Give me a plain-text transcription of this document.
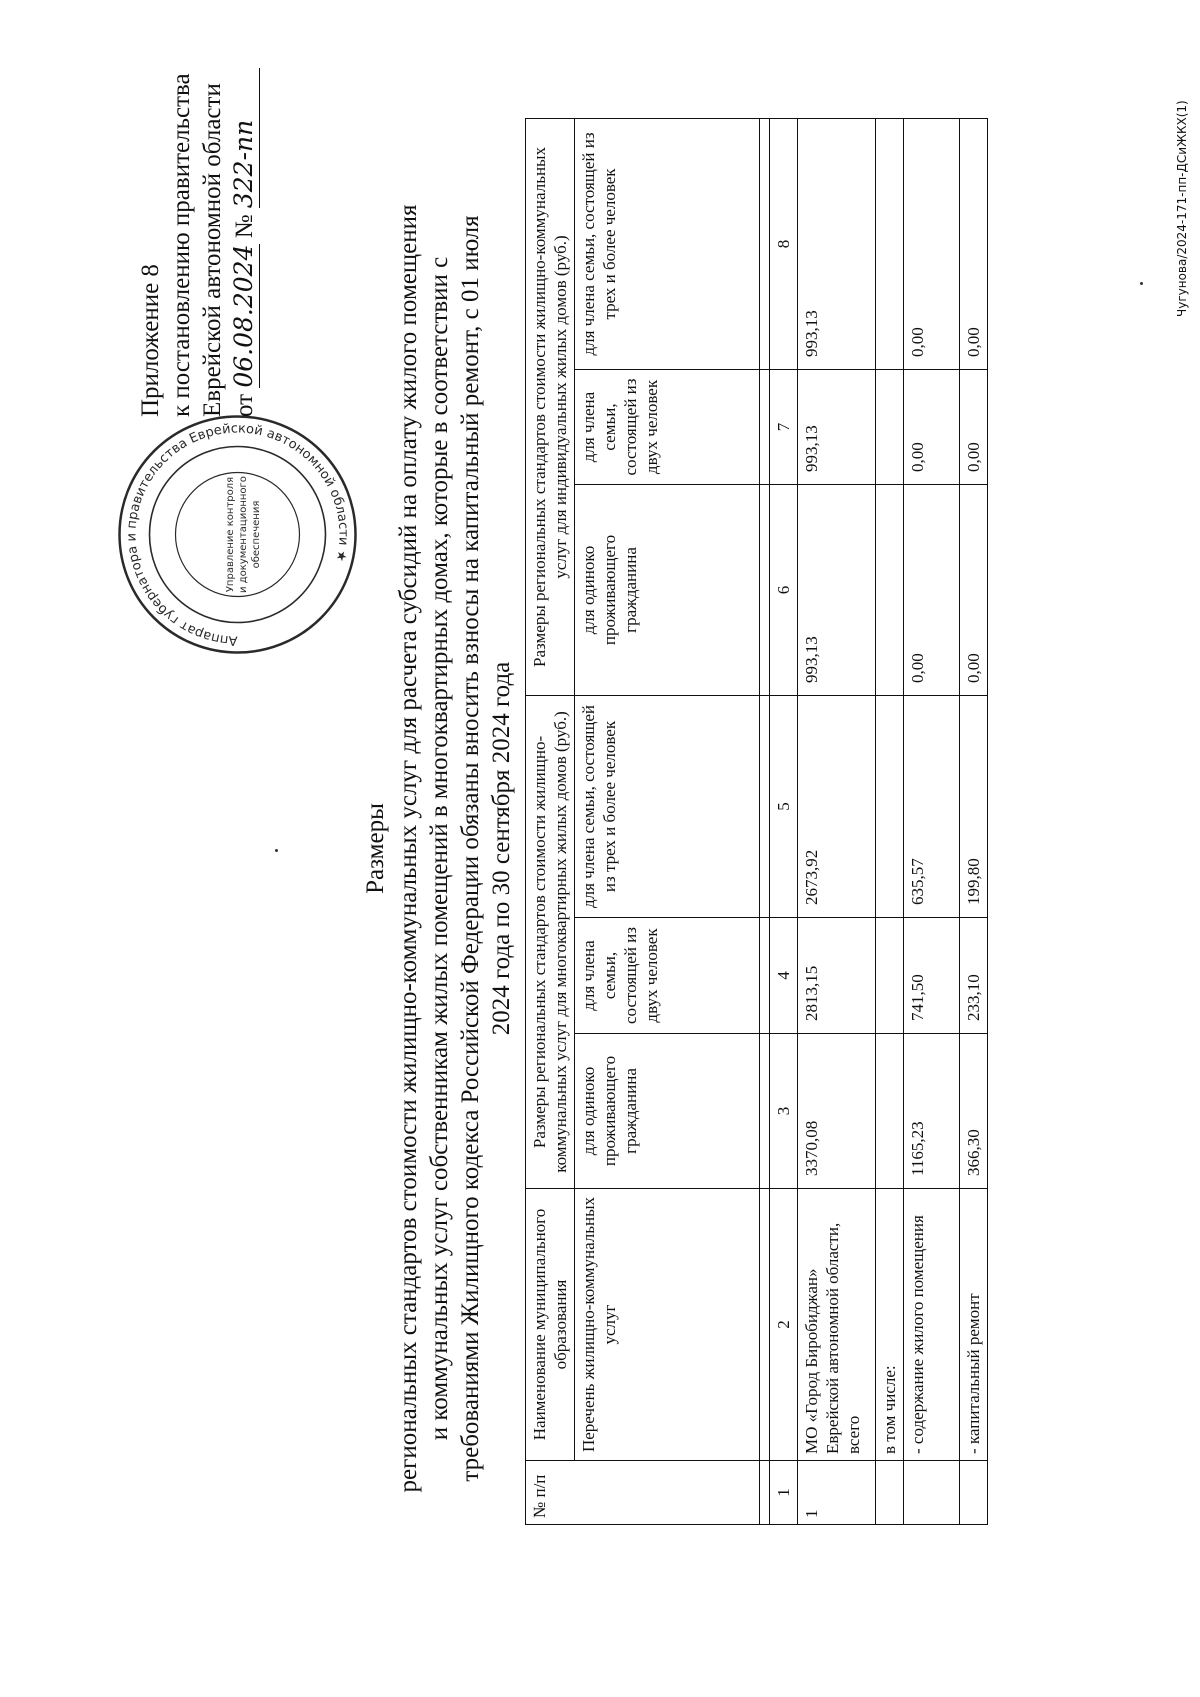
Аппарат губернатора и правительства Еврейской автономной области ★
Управление контроля и документационного обеспечения
Приложение 8 к постановлению правительства Еврейской автономной области от 06.08.2024 № 322-пп
Размеры региональных стандартов стоимости жилищно-коммунальных услуг для расчета субсидий на оплату жилого помещения и коммунальных услуг собственникам жилых помещений в многоквартирных домах, которые в соответствии с требованиями Жилищного кодекса Российской Федерации обязаны вносить взносы на капитальный ремонт, с 01 июля 2024 года по 30 сентября 2024 года
№ п/п	Наименование муниципального образования	Размеры региональных стандартов стоимости жилищно-коммунальных услуг для многоквартирных жилых домов (руб.)			Размеры региональных стандартов стоимости жилищно-коммунальных услуг для индивидуальных жилых домов (руб.)		
	Перечень жилищно-коммунальных услуг	для одиноко проживающего гражданина	для члена семьи, состоящей из двух человек	для члена семьи, состоящей из трех и более человек	для одиноко проживающего гражданина	для члена семьи, состоящей из двух человек	для члена семьи, состоящей из трех и более человек

1	2	3	4	5	6	7	8
1	МО «Город Биробиджан» Еврейской автономной области, всего	3370,08	2813,15	2673,92	993,13	993,13	993,13
	в том числе:						
	- содержание жилого помещения	1165,23	741,50	635,57	0,00	0,00	0,00
	- капитальный ремонт	366,30	233,10	199,80	0,00	0,00	0,00
Чугунова/2024-171-пп-ДСиЖКХ(1)
